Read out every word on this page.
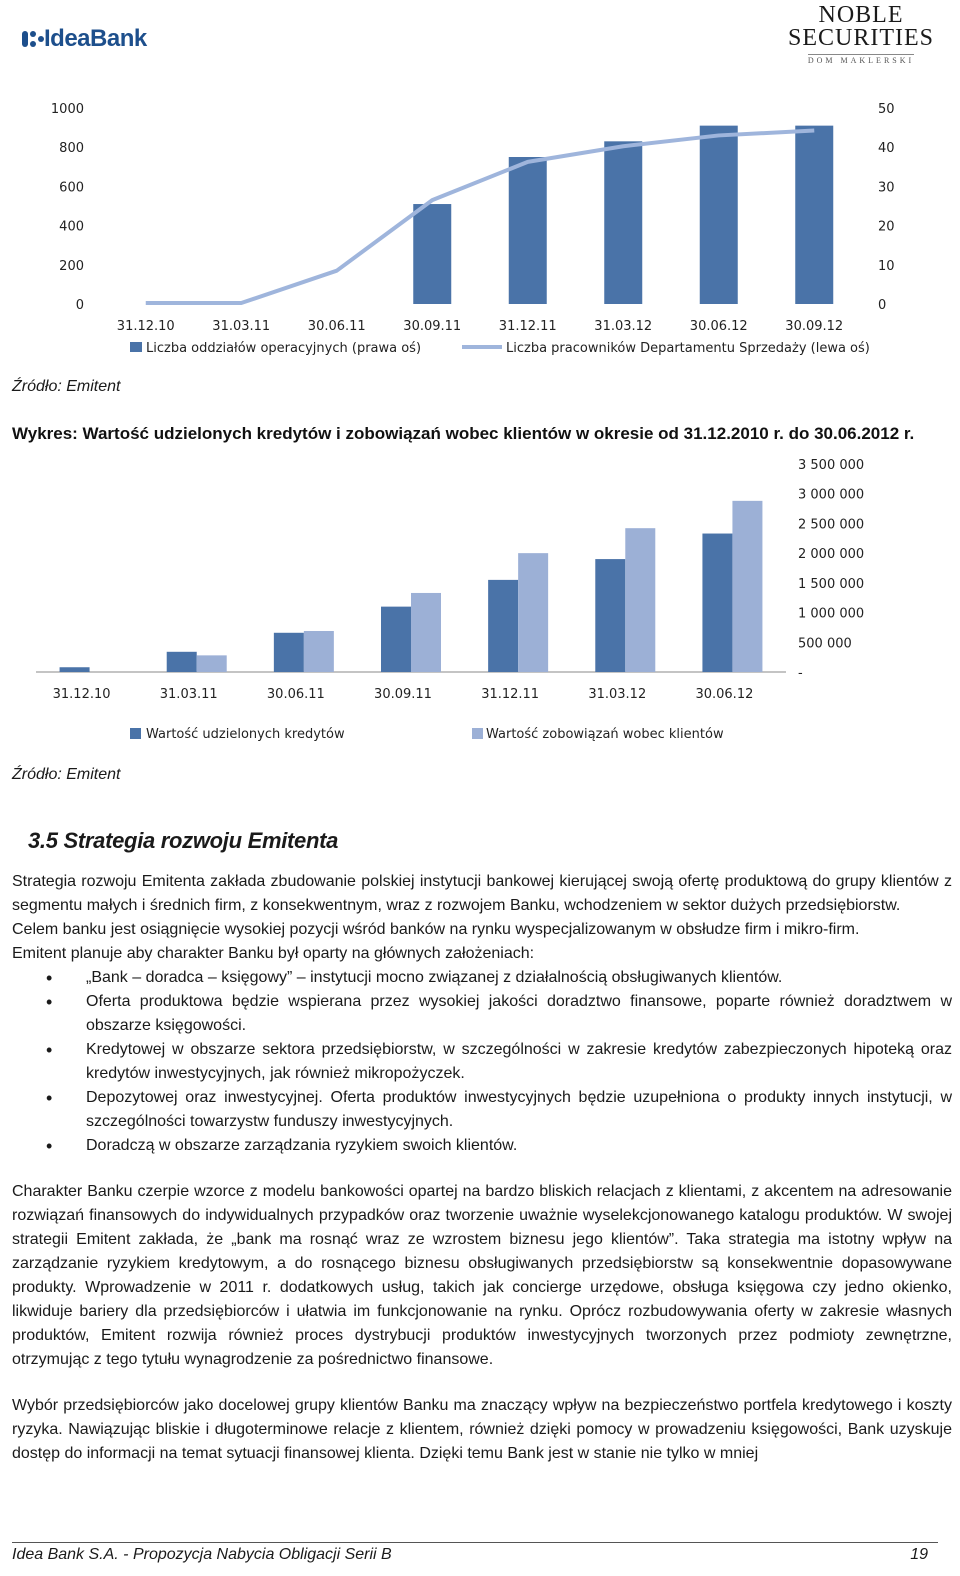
IdeaBank
NOBLE
SECURITIES
DOM MAKLERSKI
1000
800
600
400
200
0
50
40
30
20
10
0
31.12.10	31.03.11	30.06.11	30.09.11	31.12.11	31.03.12	30.06.12	30.09.12
Liczba oddziałów operacyjnych (prawa oś)	Liczba pracowników Departamentu Sprzedaży (lewa oś)
Źródło: Emitent
Wykres: Wartość udzielonych kredytów i zobowiązań wobec klientów w okresie od 31.12.2010 r. do 30.06.2012 r.
3 500 000
3 000 000
2 500 000
2 000 000
1 500 000
1 000 000
500 000
-
31.12.10	31.03.11	30.06.11	30.09.11	31.12.11	31.03.12	30.06.12
Wartość udzielonych kredytów	Wartość zobowiązań wobec klientów
Źródło: Emitent
3.5 Strategia rozwoju Emitenta

Strategia rozwoju Emitenta zakłada zbudowanie polskiej instytucji bankowej kierującej swoją ofertę produktową do grupy klientów z segmentu małych i średnich firm, z konsekwentnym, wraz z rozwojem Banku, wchodzeniem w sektor dużych przedsiębiorstw.

Celem banku jest osiągnięcie wysokiej pozycji wśród banków na rynku wyspecjalizowanym w obsłudze firm i mikro-firm.

Emitent planuje aby charakter Banku był oparty na głównych założeniach:

• „Bank – doradca – księgowy” – instytucji mocno związanej z działalnością obsługiwanych klientów.
• Oferta produktowa będzie wspierana przez wysokiej jakości doradztwo finansowe, poparte również doradztwem w obszarze księgowości.
• Kredytowej w obszarze sektora przedsiębiorstw, w szczególności w zakresie kredytów zabezpieczonych hipoteką oraz kredytów inwestycyjnych, jak również mikropożyczek.
• Depozytowej oraz inwestycyjnej. Oferta produktów inwestycyjnych będzie uzupełniona o produkty innych instytucji, w szczególności towarzystw funduszy inwestycyjnych.
• Doradczą w obszarze zarządzania ryzykiem swoich klientów.

Charakter Banku czerpie wzorce z modelu bankowości opartej na bardzo bliskich relacjach z klientami, z akcentem na adresowanie rozwiązań finansowych do indywidualnych przypadków oraz tworzenie uważnie wyselekcjonowanego katalogu produktów. W swojej strategii Emitent zakłada, że „bank ma rosnąć wraz ze wzrostem biznesu jego klientów”. Taka strategia ma istotny wpływ na zarządzanie ryzykiem kredytowym, a do rosnącego biznesu obsługiwanych przedsiębiorstw są konsekwentnie dopasowywane produkty. Wprowadzenie w 2011 r. dodatkowych usług, takich jak concierge urzędowe, obsługa księgowa czy jedno okienko, likwiduje bariery dla przedsiębiorców i ułatwia im funkcjonowanie na rynku. Oprócz rozbudowywania oferty w zakresie własnych produktów, Emitent rozwija również proces dystrybucji produktów inwestycyjnych tworzonych przez podmioty zewnętrzne, otrzymując z tego tytułu wynagrodzenie za pośrednictwo finansowe.

Wybór przedsiębiorców jako docelowej grupy klientów Banku ma znaczący wpływ na bezpieczeństwo portfela kredytowego i koszty ryzyka. Nawiązując bliskie i długoterminowe relacje z klientem, również dzięki pomocy w prowadzeniu księgowości, Bank uzyskuje dostęp do informacji na temat sytuacji finansowej klienta. Dzięki temu Bank jest w stanie nie tylko w mniej

Idea Bank S.A. - Propozycja Nabycia Obligacji Serii B	19
